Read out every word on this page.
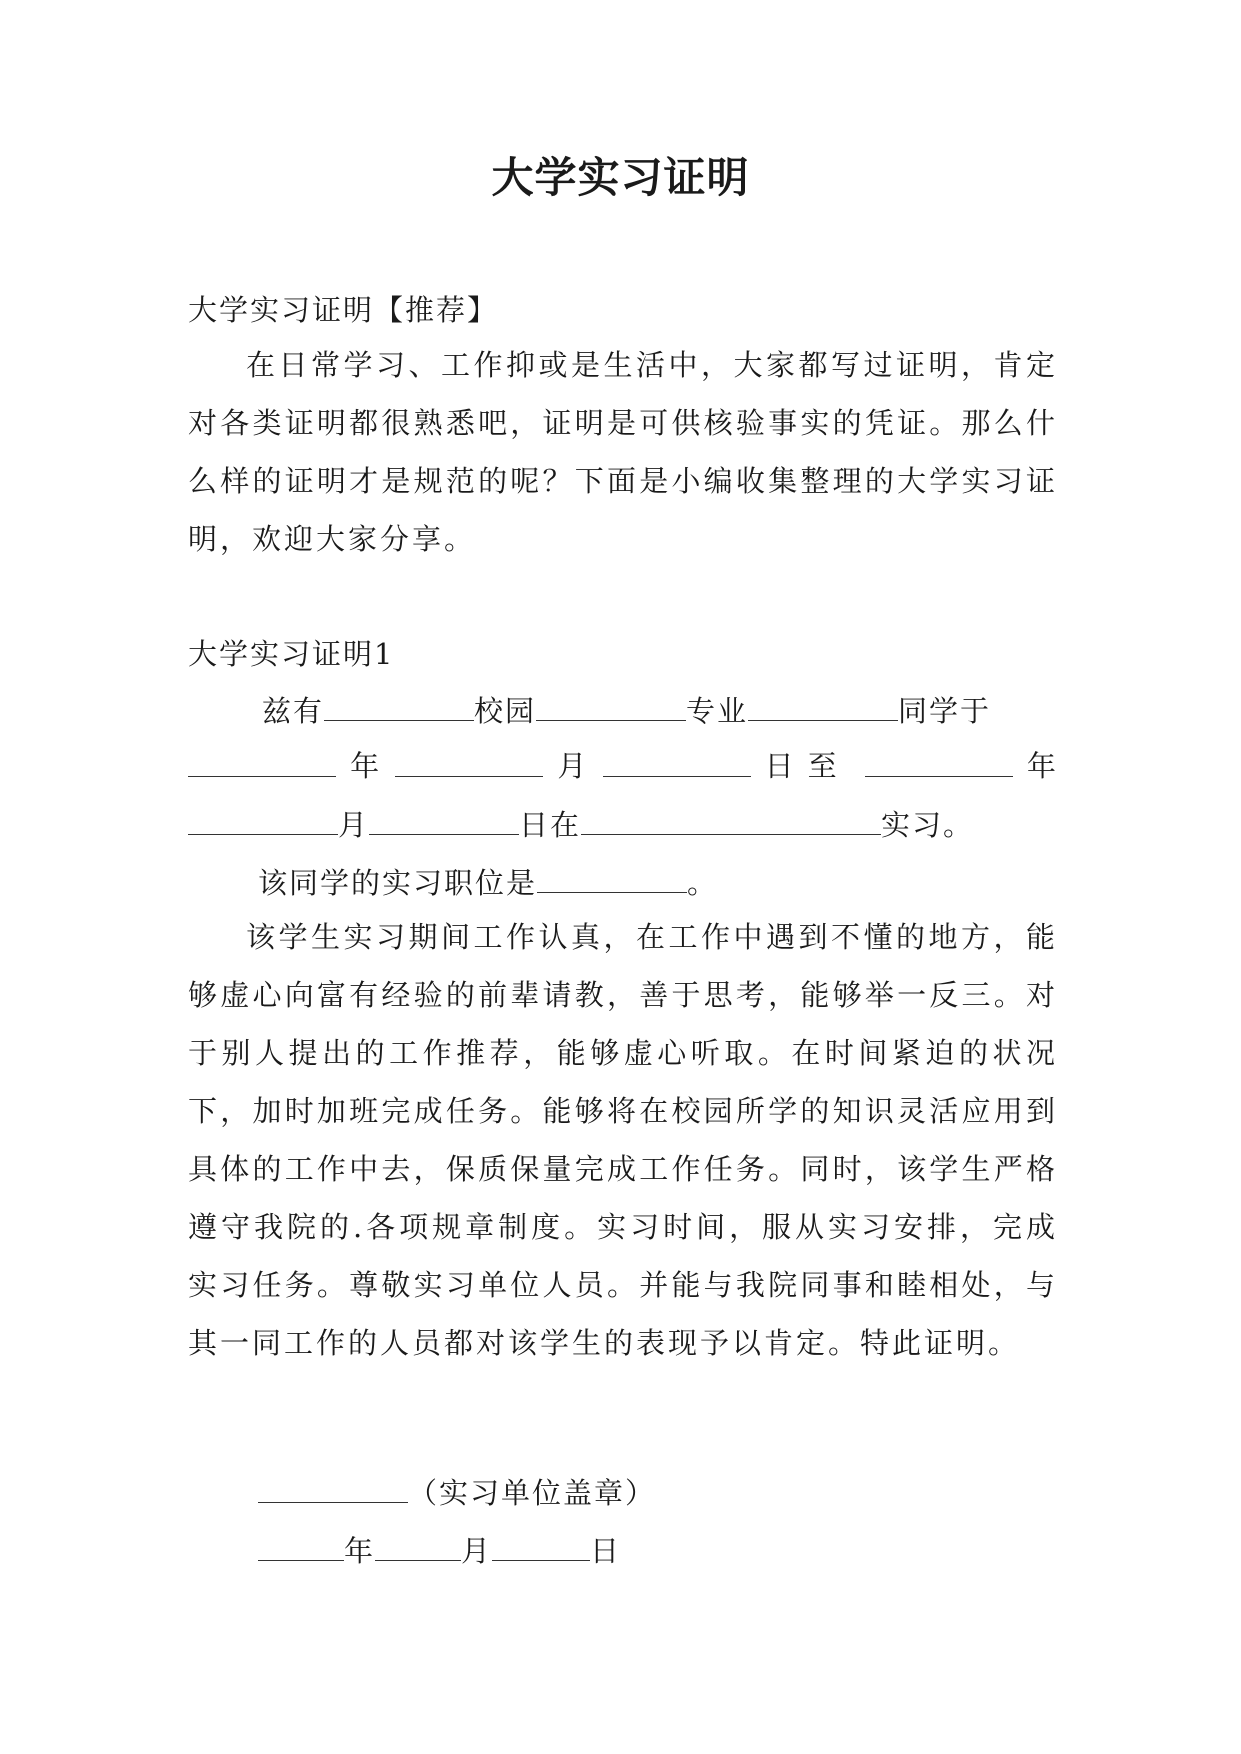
大学实习证明
大学实习证明【推荐】
在日常学习、工作抑或是生活中，大家都写过证明，肯定对各类证明都很熟悉吧，证明是可供核验事实的凭证。那么什么样的证明才是规范的呢？下面是小编收集整理的大学实习证明，欢迎大家分享。
大学实习证明1
兹有	校园	专业	同学于
年	月	日至	年
月	日在	实习。
该同学的实习职位是	。
该学生实习期间工作认真，在工作中遇到不懂的地方，能够虚心向富有经验的前辈请教，善于思考，能够举一反三。对于别人提出的工作推荐，能够虚心听取。在时间紧迫的状况下，加时加班完成任务。能够将在校园所学的知识灵活应用到具体的工作中去，保质保量完成工作任务。同时，该学生严格遵守我院的.各项规章制度。实习时间，服从实习安排，完成实习任务。尊敬实习单位人员。并能与我院同事和睦相处，与其一同工作的人员都对该学生的表现予以肯定。特此证明。
（实习单位盖章）
年	月	日
